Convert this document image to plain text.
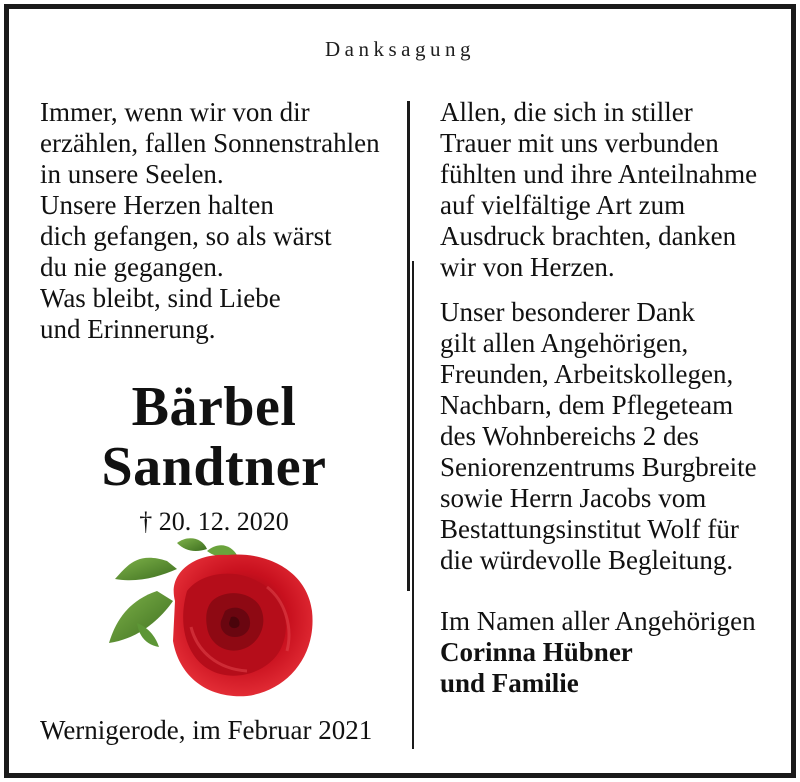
Danksagung
Immer, wenn wir von dir
erzählen, fallen Sonnenstrahlen
in unsere Seelen.
Unsere Herzen halten
dich gefangen, so als wärst
du nie gegangen.
Was bleibt, sind Liebe
und Erinnerung.
Bärbel
Sandtner
† 20. 12. 2020
Wernigerode, im Februar 2021
Allen, die sich in stiller
Trauer mit uns verbunden
fühlten und ihre Anteilnahme
auf vielfältige Art zum
Ausdruck brachten, danken
wir von Herzen.
Unser besonderer Dank
gilt allen Angehörigen,
Freunden, Arbeitskollegen,
Nachbarn, dem Pflegeteam
des Wohnbereichs 2 des
Seniorenzentrums Burgbreite
sowie Herrn Jacobs vom
Bestattungsinstitut Wolf für
die würdevolle Begleitung.
Im Namen aller Angehörigen
Corinna Hübner
und Familie
